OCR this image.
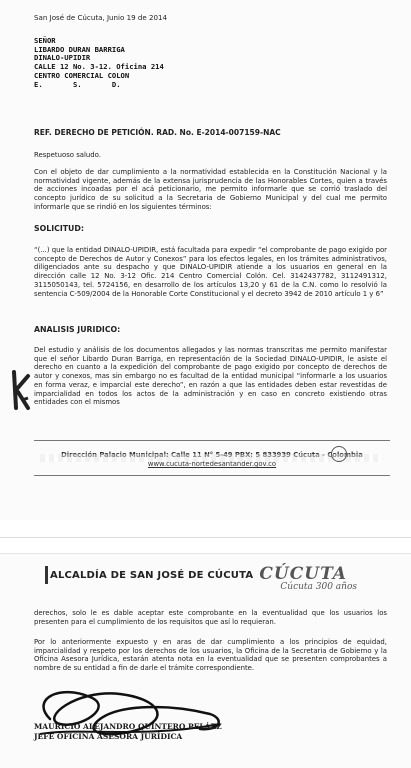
San José de Cúcuta, Junio 19 de 2014
SEÑOR
LIBARDO DURAN BARRIGA
DINALO-UPIDIR
CALLE 12 No. 3-12. Oficina 214
CENTRO COMERCIAL COLON
E.       S.       D.
REF. DERECHO DE PETICIÓN. RAD. No. E-2014-007159-NAC
Respetuoso saludo.
Con el objeto de dar cumplimiento a la normatividad establecida en la Constitución Nacional y la normatividad vigente, además de la extensa jurisprudencia de las Honorables Cortes, quien a través de acciones incoadas por el acá peticionario, me permito informarle que se corrió traslado del concepto jurídico de su solicitud a la Secretaria de Gobierno Municipal y del cual me permito informarle que se rindió en los siguientes términos:
SOLICITUD:
“(...) que la entidad DINALO-UPIDIR, está facultada para expedir “el comprobante de pago exigido por concepto de Derechos de Autor y Conexos” para los efectos legales, en los trámites administrativos, diligenciados ante su despacho y que DINALO-UPIDIR atiende a los usuarios en general en la dirección calle 12 No. 3-12 Ofic. 214 Centro Comercial Colón. Cel. 3142437782, 3112491312, 3115050143, tel. 5724156, en desarrollo de los artículos 13,20 y 61 de la C.N. como lo resolvió la sentencia C-509/2004 de la Honorable Corte Constitucional y el decreto 3942 de 2010 artículo 1 y 6”
ANALISIS JURIDICO:
Del estudio y análisis de los documentos allegados y las normas transcritas me permito manifestar que el señor Libardo Duran Barriga, en representación de la Sociedad DINALO-UPIDIR, le asiste el derecho en cuanto a la expedición del comprobante de pago exigido por concepto de derechos de autor y conexos, mas sin embargo no es facultad de la entidad municipal “informarle a los usuarios en forma veraz, e imparcial este derecho”, en razón a que las entidades deben estar revestidas de imparcialidad en todos los actos de la administración y en caso en concreto existiendo otras entidades con el mismos
Dirección Palacio Municipal: Calle 11 N° 5-49 PBX: 5 833939 Cúcuta - Colombia
www.cucuta-nortedesantander.gov.co
ALCALDÍA DE SAN JOSÉ DE CÚCUTA CÚCUTA
Cúcuta 300 años
derechos, solo le es dable aceptar este comprobante en la eventualidad que los usuarios los presenten para el cumplimiento de los requisitos que así lo requieran.
Por lo anteriormente expuesto y en aras de dar cumplimiento a los principios de equidad, imparcialidad y respeto por los derechos de los usuarios, la Oficina de la Secretaria de Gobierno y la Oficina Asesora Jurídica, estarán atenta nota en la eventualidad que se presenten comprobantes a nombre de su entidad a fin de darle el trámite correspondiente.
MAURICIO ALEJANDRO QUINTERO PELÁEZ
JEFE OFICINA ASESORA JURÍDICA
